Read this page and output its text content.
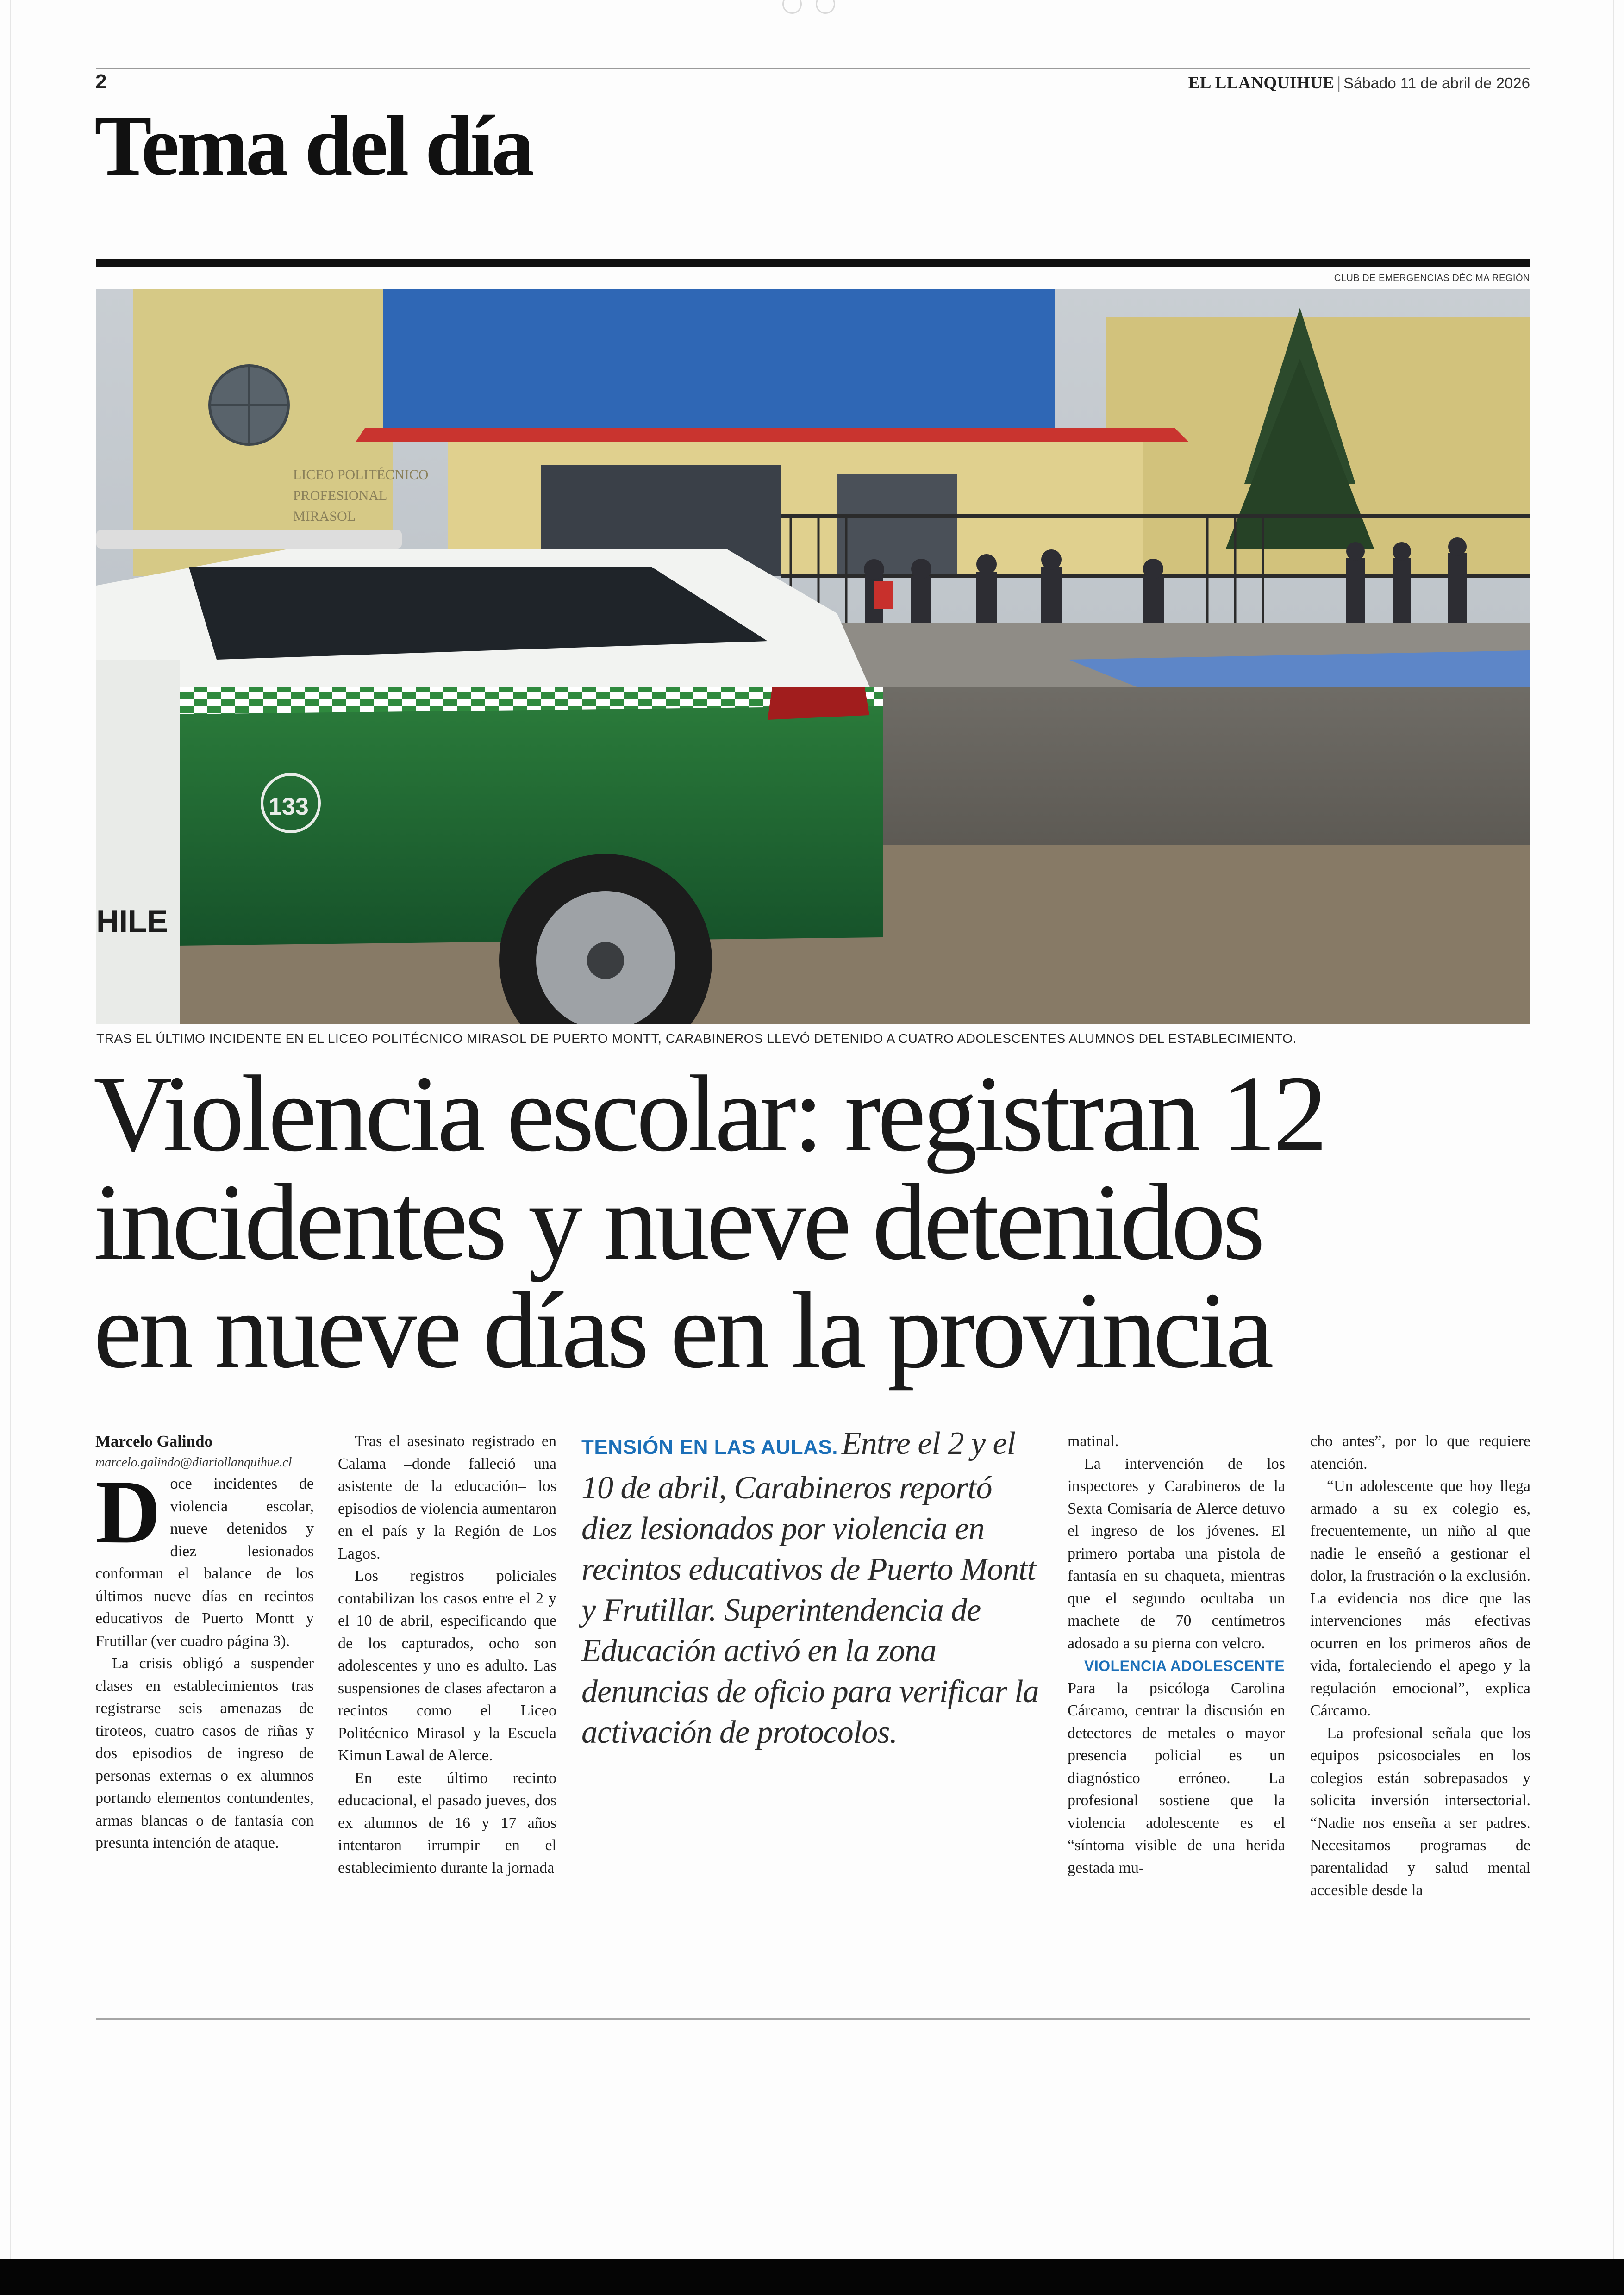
2	EL LLANQUIHUE | Sábado 11 de abril de 2026
Tema del día
CLUB DE EMERGENCIAS DÉCIMA REGIÓN
LICEO POLITÉCNICO
PROFESIONAL
MIRASOL
HILE
133
TRAS EL ÚLTIMO INCIDENTE EN EL LICEO POLITÉCNICO MIRASOL DE PUERTO MONTT, CARABINEROS LLEVÓ DETENIDO A CUATRO ADOLESCENTES ALUMNOS DEL ESTABLECIMIENTO.
Violencia escolar: registran 12
incidentes y nueve detenidos
en nueve días en la provincia

Marcelo Galindo

marcelo.galindo@diariollanquihue.cl

Doce incidentes de violencia escolar, nueve detenidos y diez lesionados conforman el balance de los últimos nueve días en recintos educativos de Puerto Montt y Frutillar (ver cuadro página 3).

La crisis obligó a suspender clases en establecimientos tras registrarse seis amenazas de tiroteos, cuatro casos de riñas y dos episodios de ingreso de personas externas o ex alumnos portando elementos contundentes, armas blancas o de fantasía con presunta intención de ataque.

Tras el asesinato registrado en Calama –donde falleció una asistente de la educación– los episodios de violencia aumentaron en el país y la Región de Los Lagos.

Los registros policiales contabilizan los casos entre el 2 y el 10 de abril, especificando que de los capturados, ocho son adolescentes y uno es adulto. Las suspensiones de clases afectaron a recintos como el Liceo Politécnico Mirasol y la Escuela Kimun Lawal de Alerce.

En este último recinto educacional, el pasado jueves, dos ex alumnos de 16 y 17 años intentaron irrumpir en el establecimiento durante la jornada

TENSIÓN EN LAS AULAS. Entre el 2 y el 10 de abril, Carabineros reportó diez lesionados por violencia en recintos educativos de Puerto Montt y Frutillar. Superintendencia de Educación activó en la zona denuncias de oficio para verificar la activación de protocolos.

matinal.

La intervención de los inspectores y Carabineros de la Sexta Comisaría de Alerce detuvo el ingreso de los jóvenes. El primero portaba una pistola de fantasía en su chaqueta, mientras que el segundo ocultaba un machete de 70 centímetros adosado a su pierna con velcro.

VIOLENCIA ADOLESCENTE

Para la psicóloga Carolina Cárcamo, centrar la discusión en detectores de metales o mayor presencia policial es un diagnóstico erróneo. La profesional sostiene que la violencia adolescente es el “síntoma visible de una herida gestada mu-

cho antes”, por lo que requiere atención.

“Un adolescente que hoy llega armado a su ex colegio es, frecuentemente, un niño al que nadie le enseñó a gestionar el dolor, la frustración o la exclusión. La evidencia nos dice que las intervenciones más efectivas ocurren en los primeros años de vida, fortaleciendo el apego y la regulación emocional”, explica Cárcamo.

La profesional señala que los equipos psicosociales en los colegios están sobrepasados y solicita inversión intersectorial. “Nadie nos enseña a ser padres. Necesitamos programas de parentalidad y salud mental accesible desde la
